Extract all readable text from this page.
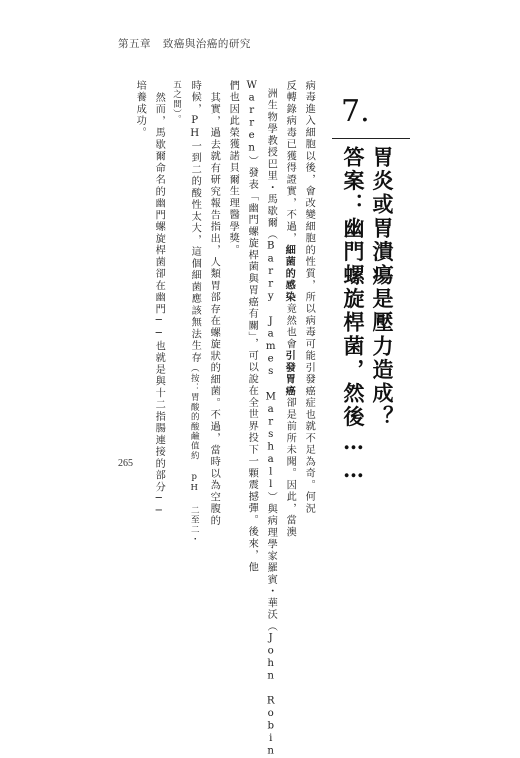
第五章 致癌與治癌的研究
7.
胃炎或胃潰瘍是壓力造成？
答案：幽門螺旋桿菌，然後……
病毒進入細胞以後，會改變細胞的性質，所以病毒可能引發癌症也就不足為奇。何況
反轉錄病毒已獲得證實，不過，細菌的感染竟然也會引發胃癌卻是前所未聞。因此，當澳
洲生物學教授巴里・馬歇爾（Barry James Marshall）與病理學家羅賓・華沃（John Robin
Warren）發表「幽門螺旋桿菌與胃癌有關」，可以說在全世界投下一顆震撼彈。後來，他
們也因此榮獲諾貝爾生理醫學獎。
其實，過去就有研究報告指出，人類胃部存在螺旋狀的細菌。不過，當時以為空腹的
時候，PH一到二的酸性太大，這個細菌應該無法生存（按：胃酸的酸鹼值約 pH 二至二・
五之間）。
然而，馬歇爾命名的幽門螺旋桿菌卻在幽門──也就是與十二指腸連接的部分──
培養成功。
265
